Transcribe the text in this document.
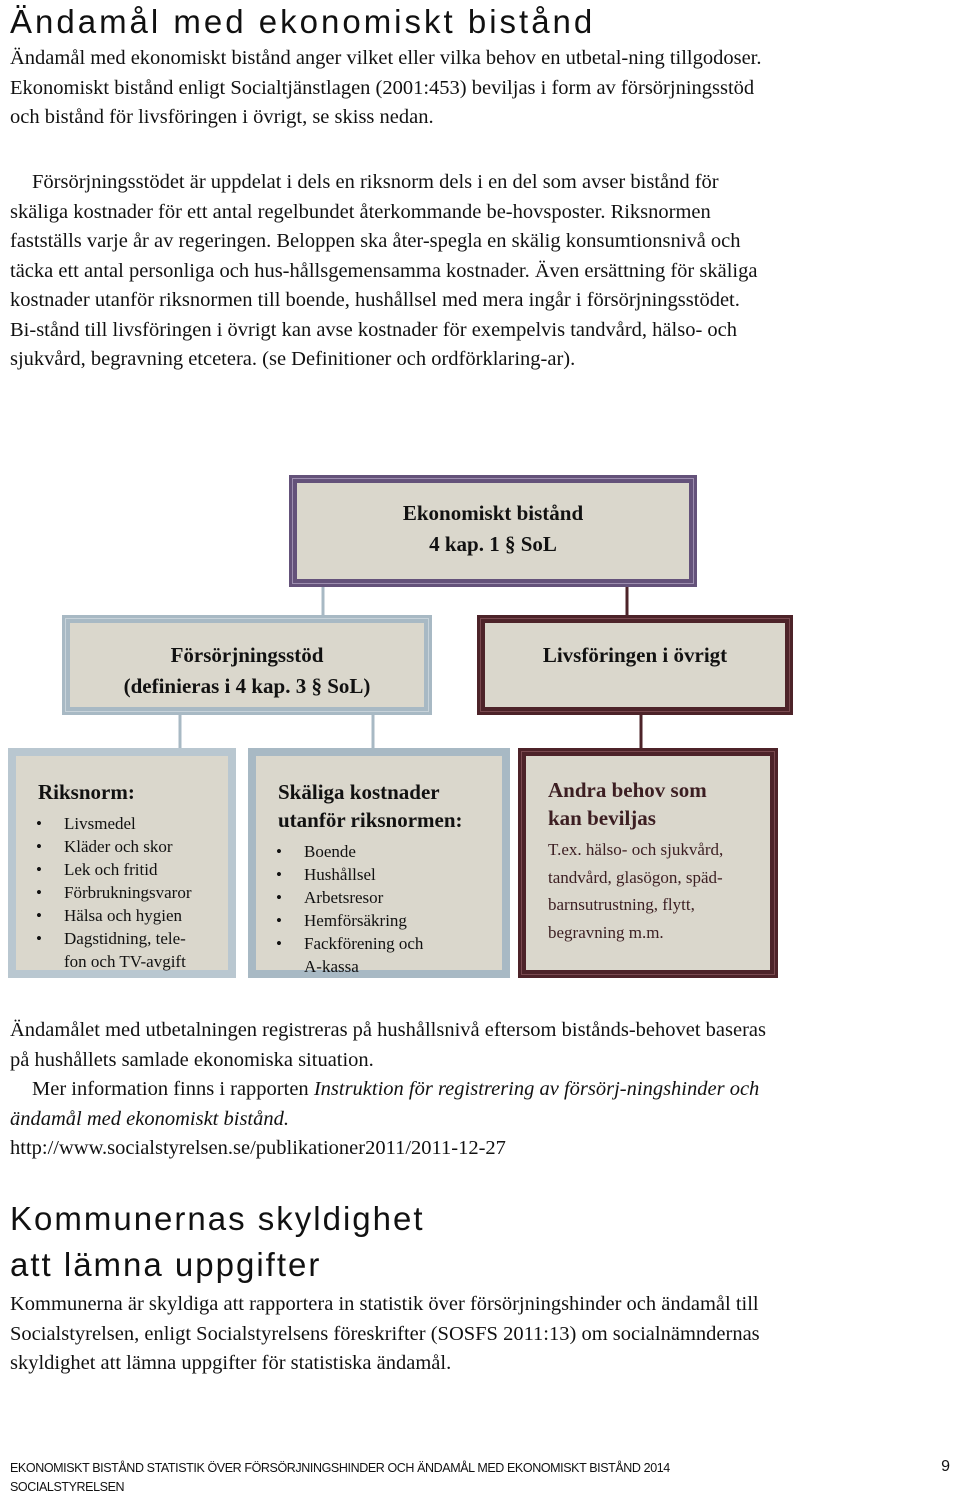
Ändamål med ekonomiskt bistånd

Ändamål med ekonomiskt bistånd anger vilket eller vilka behov en utbetal-ning tillgodoser. Ekonomiskt bistånd enligt Socialtjänstlagen (2001:453) beviljas i form av försörjningsstöd och bistånd för livsföringen i övrigt, se skiss nedan.

Försörjningsstödet är uppdelat i dels en riksnorm dels i en del som avser bistånd för skäliga kostnader för ett antal regelbundet återkommande be-hovsposter. Riksnormen fastställs varje år av regeringen. Beloppen ska åter-spegla en skälig konsumtionsnivå och täcka ett antal personliga och hus-hållsgemensamma kostnader. Även ersättning för skäliga kostnader utanför riksnormen till boende, hushållsel med mera ingår i försörjningsstödet. Bi-stånd till livsföringen i övrigt kan avse kostnader för exempelvis tandvård, hälso- och sjukvård, begravning etcetera. (se Definitioner och ordförklaring-ar).

Ekonomiskt bistånd
4 kap. 1 § SoL
Försörjningsstöd
(definieras i 4 kap. 3 § SoL)
Livsföringen i övrigt
Riksnorm:
• Livsmedel
• Kläder och skor
• Lek och fritid
• Förbrukningsvaror
• Hälsa och hygien
• Dagstidning, tele-fon och TV-avgift
Skäliga kostnader utanför riksnormen:
• Boende
• Hushållsel
• Arbetsresor
• Hemförsäkring
• Fackförening och A-kassa
Andra behov som kan beviljas
T.ex. hälso- och sjukvård, tandvård, glasögon, späd-barnsutrustning, flytt, begravning m.m.

Ändamålet med utbetalningen registreras på hushållsnivå eftersom bistånds-behovet baseras på hushållets samlade ekonomiska situation.

Mer information finns i rapporten Instruktion för registrering av försörj-ningshinder och ändamål med ekonomiskt bistånd.
http://www.socialstyrelsen.se/publikationer2011/2011-12-27

Kommunernas skyldighet
att lämna uppgifter

Kommunerna är skyldiga att rapportera in statistik över försörjningshinder och ändamål till Socialstyrelsen, enligt Socialstyrelsens föreskrifter (SOSFS 2011:13) om socialnämndernas skyldighet att lämna uppgifter för statistiska ändamål.

EKONOMISKT BISTÅND STATISTIK ÖVER FÖRSÖRJNINGSHINDER OCH ÄNDAMÅL MED EKONOMISKT BISTÅND 2014
SOCIALSTYRELSEN
9
